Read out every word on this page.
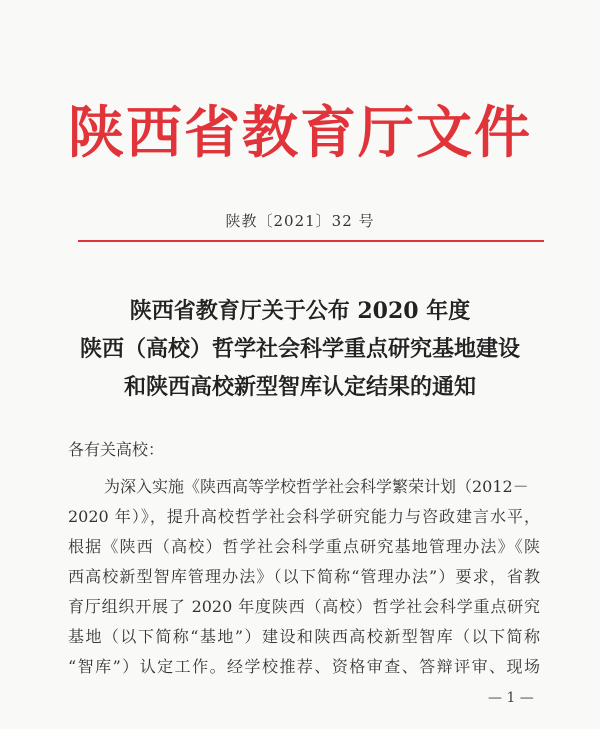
陕西省教育厅文件
陕教〔2021〕32 号
陕西省教育厅关于公布 2020 年度
陕西（高校）哲学社会科学重点研究基地建设
和陕西高校新型智库认定结果的通知
各有关高校：
为深入实施《陕西高等学校哲学社会科学繁荣计划（2012－
2020 年）》，提升高校哲学社会科学研究能力与咨政建言水平，
根据《陕西（高校）哲学社会科学重点研究基地管理办法》《陕
西高校新型智库管理办法》（以下简称“管理办法”）要求，省教
育厅组织开展了 2020 年度陕西（高校）哲学社会科学重点研究
基地（以下简称“基地”）建设和陕西高校新型智库（以下简称
“智库”）认定工作。经学校推荐、资格审查、答辩评审、现场
— 1 —
